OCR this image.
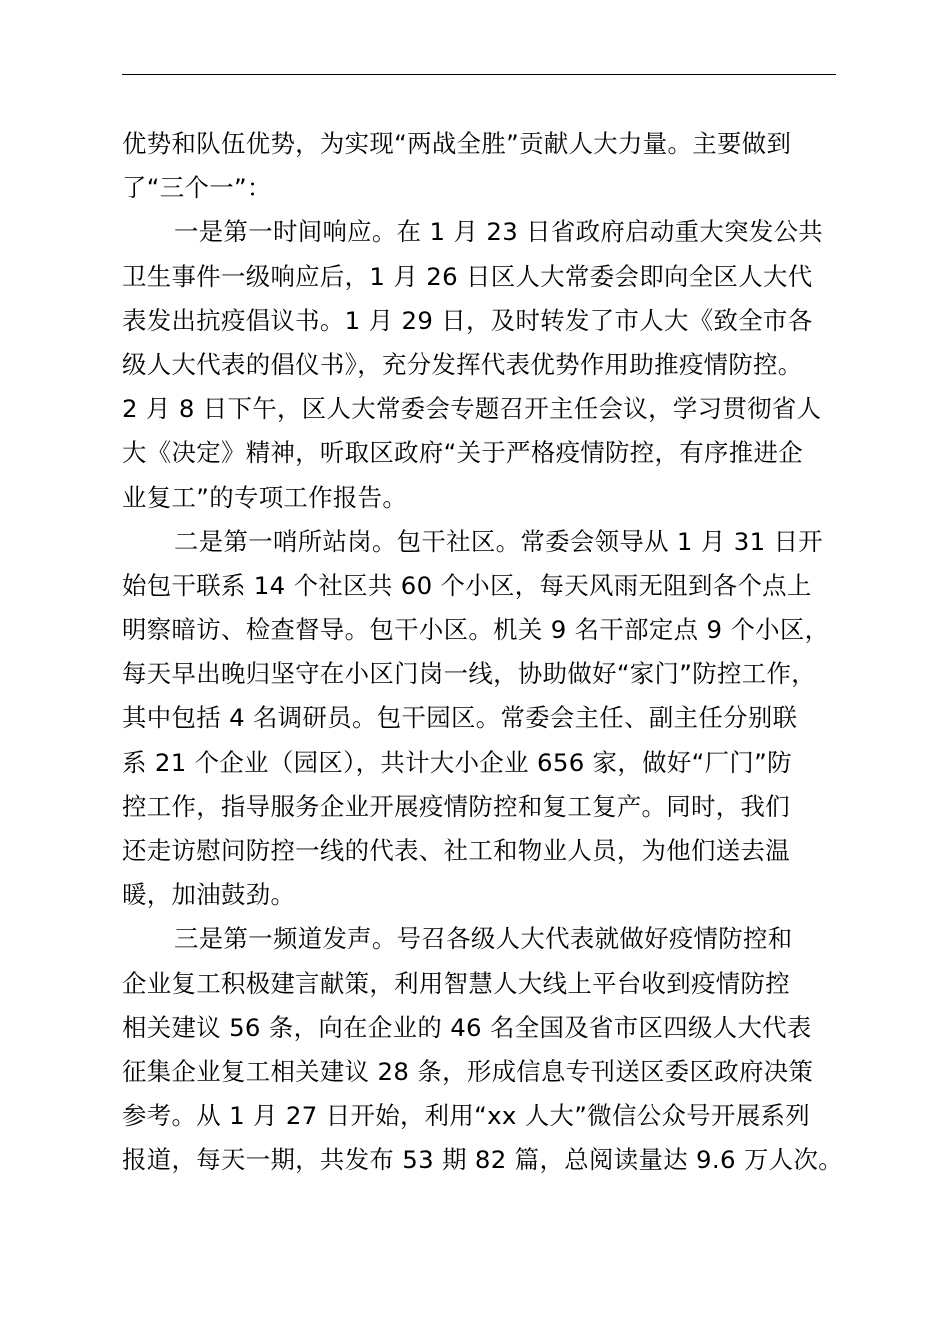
优势和队伍优势，为实现“两战全胜”贡献人大力量。主要做到
了“三个一”：
一是第一时间响应。在 1 月 23 日省政府启动重大突发公共
卫生事件一级响应后，1 月 26 日区人大常委会即向全区人大代
表发出抗疫倡议书。1 月 29 日，及时转发了市人大《致全市各
级人大代表的倡仪书》，充分发挥代表优势作用助推疫情防控。
2 月 8 日下午，区人大常委会专题召开主任会议，学习贯彻省人
大《决定》精神，听取区政府“关于严格疫情防控，有序推进企
业复工”的专项工作报告。
二是第一哨所站岗。包干社区。常委会领导从 1 月 31 日开
始包干联系 14 个社区共 60 个小区，每天风雨无阻到各个点上
明察暗访、检查督导。包干小区。机关 9 名干部定点 9 个小区，
每天早出晚归坚守在小区门岗一线，协助做好“家门”防控工作，
其中包括 4 名调研员。包干园区。常委会主任、副主任分别联
系 21 个企业（园区），共计大小企业 656 家，做好“厂门”防
控工作，指导服务企业开展疫情防控和复工复产。同时，我们
还走访慰问防控一线的代表、社工和物业人员，为他们送去温
暖，加油鼓劲。
三是第一频道发声。号召各级人大代表就做好疫情防控和
企业复工积极建言献策，利用智慧人大线上平台收到疫情防控
相关建议 56 条，向在企业的 46 名全国及省市区四级人大代表
征集企业复工相关建议 28 条，形成信息专刊送区委区政府决策
参考。从 1 月 27 日开始，利用“xx 人大”微信公众号开展系列
报道，每天一期，共发布 53 期 82 篇，总阅读量达 9.6 万人次。
